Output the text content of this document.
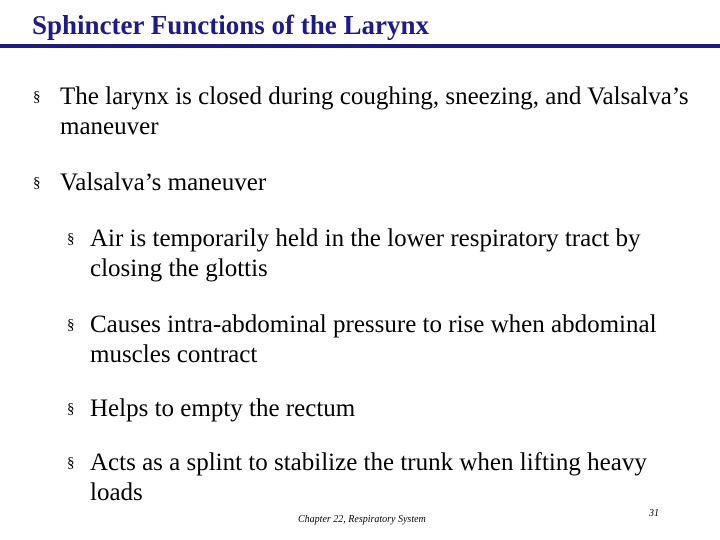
Sphincter Functions of the Larynx
§ The larynx is closed during coughing, sneezing, and Valsalva’s maneuver
§ Valsalva’s maneuver
§ Air is temporarily held in the lower respiratory tract by closing the glottis
§ Causes intra-abdominal pressure to rise when abdominal muscles contract
§ Helps to empty the rectum
§ Acts as a splint to stabilize the trunk when lifting heavy loads
Chapter 22, Respiratory System
31
